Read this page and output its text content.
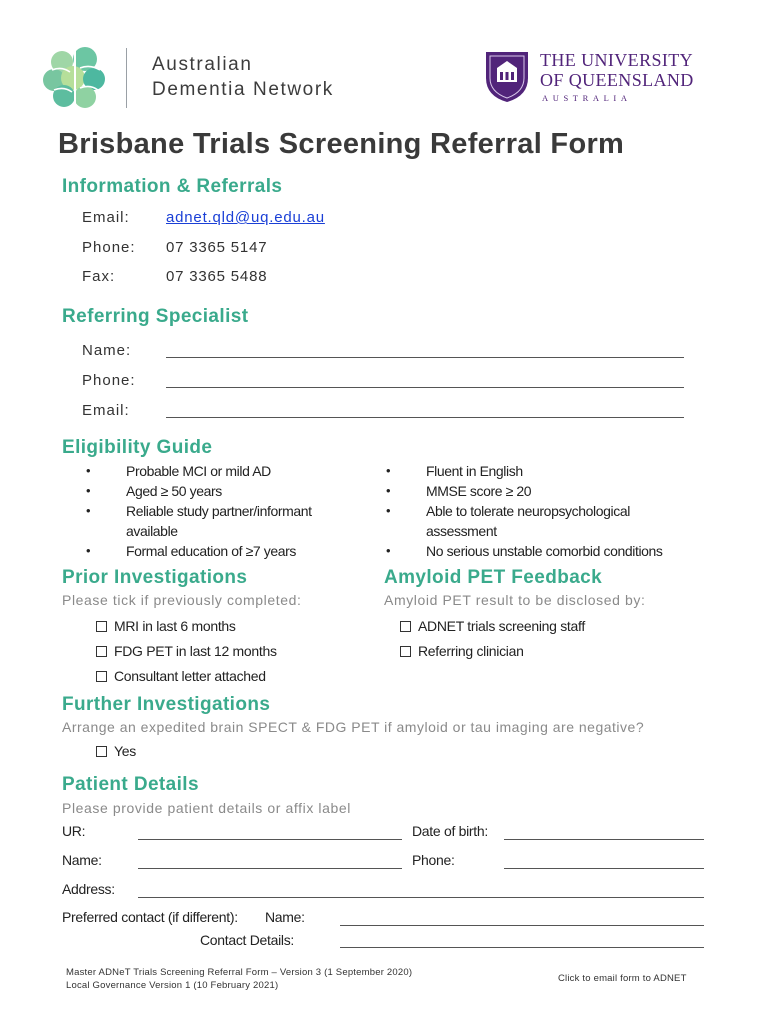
Australian
Dementia Network
THE UNIVERSITY
OF QUEENSLAND
AUSTRALIA
Brisbane Trials Screening Referral Form
Information & Referrals
Email: adnet.qld@uq.edu.au
Phone: 07 3365 5147
Fax:	07 3365 5488
Referring Specialist
Name:
Phone:
Email:
Eligibility Guide
• Probable MCI or mild AD
• Aged ≥ 50 years
• Reliable study partner/informant available
• Formal education of ≥7 years
• Fluent in English
• MMSE score ≥ 20
• Able to tolerate neuropsychological assessment
• No serious unstable comorbid conditions
Prior Investigations
Please tick if previously completed:
MRI in last 6 months
FDG PET in last 12 months
Consultant letter attached
Amyloid PET Feedback
Amyloid PET result to be disclosed by:
ADNET trials screening staff
Referring clinician
Further Investigations
Arrange an expedited brain SPECT & FDG PET if amyloid or tau imaging are negative?
Yes
Patient Details
Please provide patient details or affix label
UR:	Date of birth:
Name:	Phone:
Address:
Preferred contact (if different): Name:
Contact Details:
Master ADNeT Trials Screening Referral Form – Version 3 (1 September 2020)
Local Governance Version 1 (10 February 2021)
Click to email form to ADNET
